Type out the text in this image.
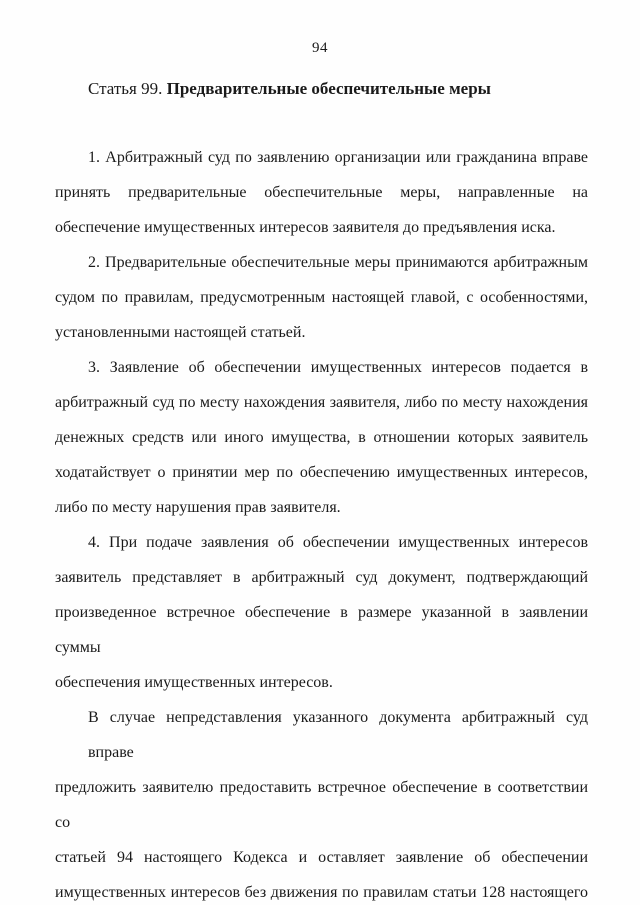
94
Статья 99. Предварительные обеспечительные меры
1. Арбитражный суд по заявлению организации или гражданина вправе
принять предварительные обеспечительные меры, направленные на
обеспечение имущественных интересов заявителя до предъявления иска.
2. Предварительные обеспечительные меры принимаются арбитражным
судом по правилам, предусмотренным настоящей главой, с особенностями,
установленными настоящей статьей.
3. Заявление об обеспечении имущественных интересов подается в
арбитражный суд по месту нахождения заявителя, либо по месту нахождения
денежных средств или иного имущества, в отношении которых заявитель
ходатайствует о принятии мер по обеспечению имущественных интересов,
либо по месту нарушения прав заявителя.
4. При подаче заявления об обеспечении имущественных интересов
заявитель представляет в арбитражный суд документ, подтверждающий
произведенное встречное обеспечение в размере указанной в заявлении суммы
обеспечения имущественных интересов.
В случае непредставления указанного документа арбитражный суд вправе
предложить заявителю предоставить встречное обеспечение в соответствии со
статьей 94 настоящего Кодекса и оставляет заявление об обеспечении
имущественных интересов без движения по правилам статьи 128 настоящего
